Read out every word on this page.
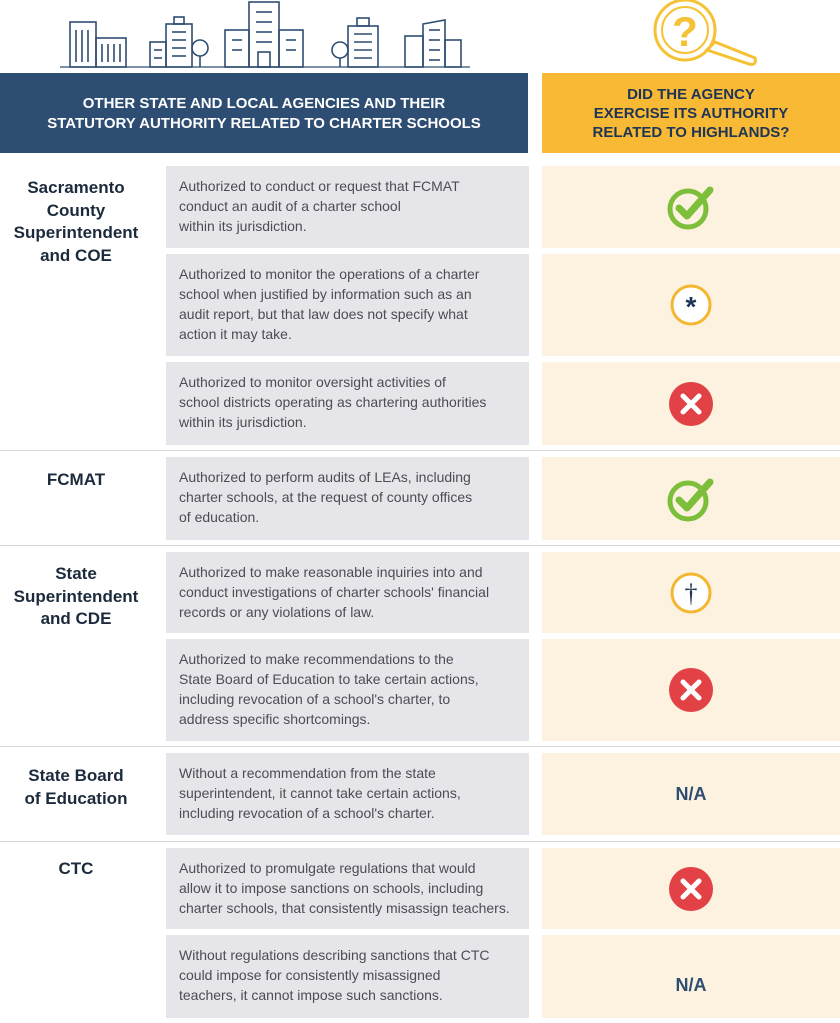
?
OTHER STATE AND LOCAL AGENCIES AND THEIR
STATUTORY AUTHORITY RELATED TO CHARTER SCHOOLS
DID THE AGENCY
EXERCISE ITS AUTHORITY
RELATED TO HIGHLANDS?
Sacramento
County
Superintendent
and COE
FCMAT
State
Superintendent
and CDE
State Board
of Education
CTC
Authorized to conduct or request that FCMAT
conduct an audit of a charter school
within its jurisdiction.
Authorized to monitor the operations of a charter
school when justified by information such as an
audit report, but that law does not specify what
action it may take.
*
Authorized to monitor oversight activities of
school districts operating as chartering authorities
within its jurisdiction.
Authorized to perform audits of LEAs, including
charter schools, at the request of county offices
of education.
Authorized to make reasonable inquiries into and
conduct investigations of charter schools' financial
records or any violations of law.
†
Authorized to make recommendations to the
State Board of Education to take certain actions,
including revocation of a school's charter, to
address specific shortcomings.
Without a recommendation from the state
superintendent, it cannot take certain actions,
including revocation of a school's charter.
N/A
Authorized to promulgate regulations that would
allow it to impose sanctions on schools, including
charter schools, that consistently misassign teachers.
Without regulations describing sanctions that CTC
could impose for consistently misassigned
teachers, it cannot impose such sanctions.	N/A
